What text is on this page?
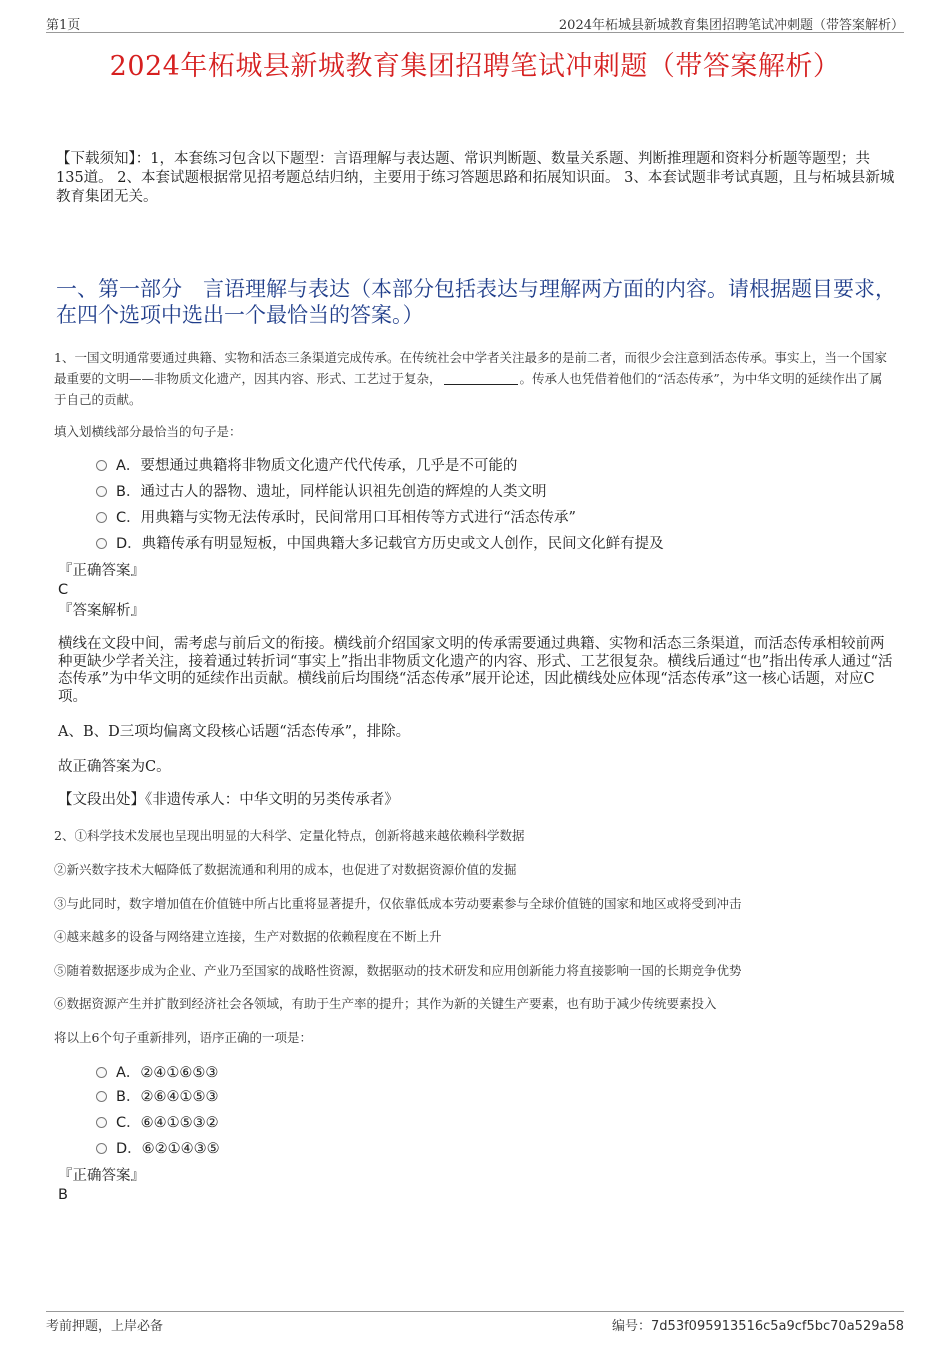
第1页	2024年柘城县新城教育集团招聘笔试冲刺题（带答案解析）
2024年柘城县新城教育集团招聘笔试冲刺题（带答案解析）
【下载须知】：1，本套练习包含以下题型：言语理解与表达题、常识判断题、数量关系题、判断推理题和资料分析题等题型；共135道。 2、本套试题根据常见招考题总结归纳，主要用于练习答题思路和拓展知识面。 3、本套试题非考试真题，且与柘城县新城教育集团无关。
一、第一部分　言语理解与表达（本部分包括表达与理解两方面的内容。请根据题目要求，在四个选项中选出一个最恰当的答案。）
1、一国文明通常要通过典籍、实物和活态三条渠道完成传承。在传统社会中学者关注最多的是前二者，而很少会注意到活态传承。事实上，当一个国家最重要的文明——非物质文化遗产，因其内容、形式、工艺过于复杂，	。传承人也凭借着他们的“活态传承”，为中华文明的延续作出了属于自己的贡献。
填入划横线部分最恰当的句子是：
A．要想通过典籍将非物质文化遗产代代传承，几乎是不可能的
B．通过古人的器物、遗址，同样能认识祖先创造的辉煌的人类文明
C．用典籍与实物无法传承时，民间常用口耳相传等方式进行“活态传承”
D．典籍传承有明显短板，中国典籍大多记载官方历史或文人创作，民间文化鲜有提及
『正确答案』
C
『答案解析』
横线在文段中间，需考虑与前后文的衔接。横线前介绍国家文明的传承需要通过典籍、实物和活态三条渠道，而活态传承相较前两种更缺少学者关注，接着通过转折词“事实上”指出非物质文化遗产的内容、形式、工艺很复杂。横线后通过“也”指出传承人通过“活态传承”为中华文明的延续作出贡献。横线前后均围绕“活态传承”展开论述，因此横线处应体现“活态传承”这一核心话题，对应C项。
A、B、D三项均偏离文段核心话题“活态传承”，排除。
故正确答案为C。
【文段出处】《非遗传承人：中华文明的另类传承者》
2、①科学技术发展也呈现出明显的大科学、定量化特点，创新将越来越依赖科学数据
②新兴数字技术大幅降低了数据流通和利用的成本，也促进了对数据资源价值的发掘
③与此同时，数字增加值在价值链中所占比重将显著提升，仅依靠低成本劳动要素参与全球价值链的国家和地区或将受到冲击
④越来越多的设备与网络建立连接，生产对数据的依赖程度在不断上升
⑤随着数据逐步成为企业、产业乃至国家的战略性资源，数据驱动的技术研发和应用创新能力将直接影响一国的长期竞争优势
⑥数据资源产生并扩散到经济社会各领域，有助于生产率的提升；其作为新的关键生产要素，也有助于减少传统要素投入
将以上6个句子重新排列，语序正确的一项是：
A．②④①⑥⑤③
B．②⑥④①⑤③
C．⑥④①⑤③②
D．⑥②①④③⑤
『正确答案』
B
考前押题，上岸必备	编号：7d53f095913516c5a9cf5bc70a529a58
